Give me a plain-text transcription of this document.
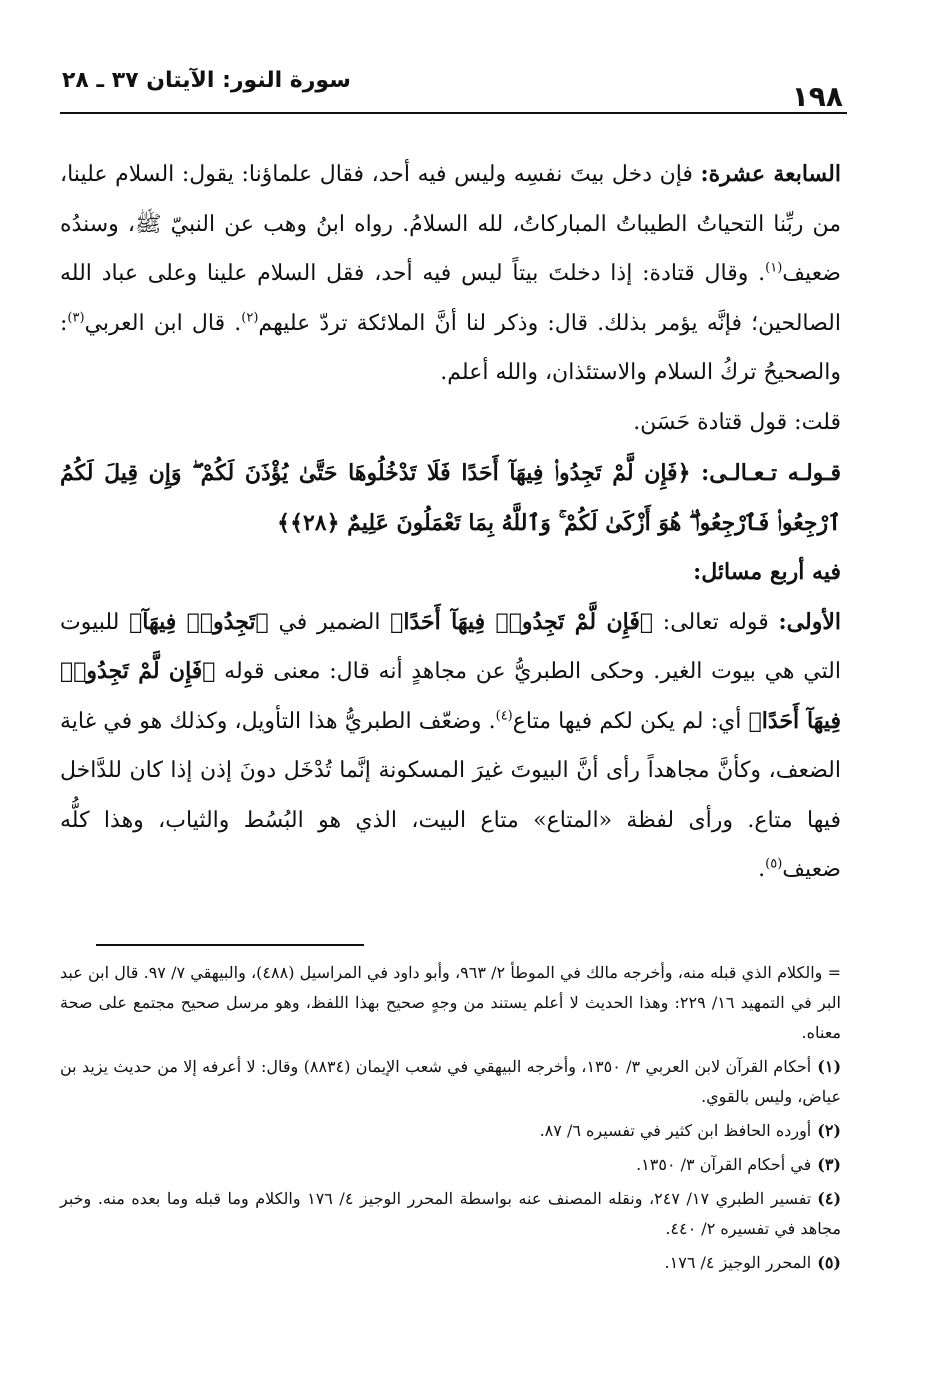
١٩٨
سورة النور: الآيتان ٣٧ ـ ٢٨

السابعة عشرة: فإن دخل بيتَ نفسِه وليس فيه أحد، فقال علماؤنا: يقول: السلام علينا، من ربِّنا التحياتُ الطيباتُ المباركاتُ، لله السلامُ. رواه ابنُ وهب عن النبيّ ﷺ، وسندُه ضعيف$^{(١)}$. وقال قتادة: إذا دخلتَ بيتاً ليس فيه أحد، فقل السلام علينا وعلى عباد الله الصالحين؛ فإنَّه يؤمر بذلك. قال: وذكر لنا أنَّ الملائكة تردّ عليهم$^{(٢)}$. قال ابن العربي$^{(٣)}$: والصحيحُ تركُ السلام والاستئذان، والله أعلم.

قلت: قول قتادة حَسَن.

قـولـه تـعـالـى: ﴿فَإِن لَّمْ تَجِدُوا۟ فِيهَآ أَحَدًا فَلَا تَدْخُلُوهَا حَتَّىٰ يُؤْذَنَ لَكُمْ ۖ وَإِن قِيلَ لَكُمُ ٱرْجِعُوا۟ فَٱرْجِعُوا۟ ۖ هُوَ أَزْكَىٰ لَكُمْ ۚ وَٱللَّهُ بِمَا تَعْمَلُونَ عَلِيمٌ ﴿٢٨﴾﴾

فيه أربع مسائل:

الأولى: قوله تعالى: ﴿فَإِن لَّمْ تَجِدُوا۟ فِيهَآ أَحَدًا﴾ الضمير في ﴿تَجِدُوا۟ فِيهَآ﴾ للبيوت التي هي بيوت الغير. وحكى الطبريُّ عن مجاهدٍ أنه قال: معنى قوله ﴿فَإِن لَّمْ تَجِدُوا۟ فِيهَآ أَحَدًا﴾ أي: لم يكن لكم فيها متاع$^{(٤)}$. وضعّف الطبريُّ هذا التأويل، وكذلك هو في غاية الضعف، وكأنَّ مجاهداً رأى أنَّ البيوتَ غيرَ المسكونة إنَّما تُدْخَل دونَ إذن إذا كان للدَّاخل فيها متاع. ورأى لفظة «المتاع» متاع البيت، الذي هو البُسُط والثياب، وهذا كلُّه ضعيف$^{(٥)}$.

= والكلام الذي قبله منه، وأخرجه مالك في الموطأ ٢/ ٩٦٣، وأبو داود في المراسيل (٤٨٨)، والبيهقي ٧/ ٩٧. قال ابن عبد البر في التمهيد ١٦/ ٢٢٩: وهذا الحديث لا أعلم يستند من وجهٍ صحيح بهذا اللفظ، وهو مرسل صحيح مجتمع على صحة معناه.

(١)أحكام القرآن لابن العربي ٣/ ١٣٥٠، وأخرجه البيهقي في شعب الإيمان (٨٨٣٤) وقال: لا أعرفه إلا من حديث يزيد بن عياض، وليس بالقوي.

(٢)أورده الحافظ ابن كثير في تفسيره ٦/ ٨٧.

(٣)في أحكام القرآن ٣/ ١٣٥٠.

(٤)تفسير الطبري ١٧/ ٢٤٧، ونقله المصنف عنه بواسطة المحرر الوجيز ٤/ ١٧٦ والكلام وما قبله وما بعده منه. وخبر مجاهد في تفسيره ٢/ ٤٤٠.

(٥)المحرر الوجيز ٤/ ١٧٦.
